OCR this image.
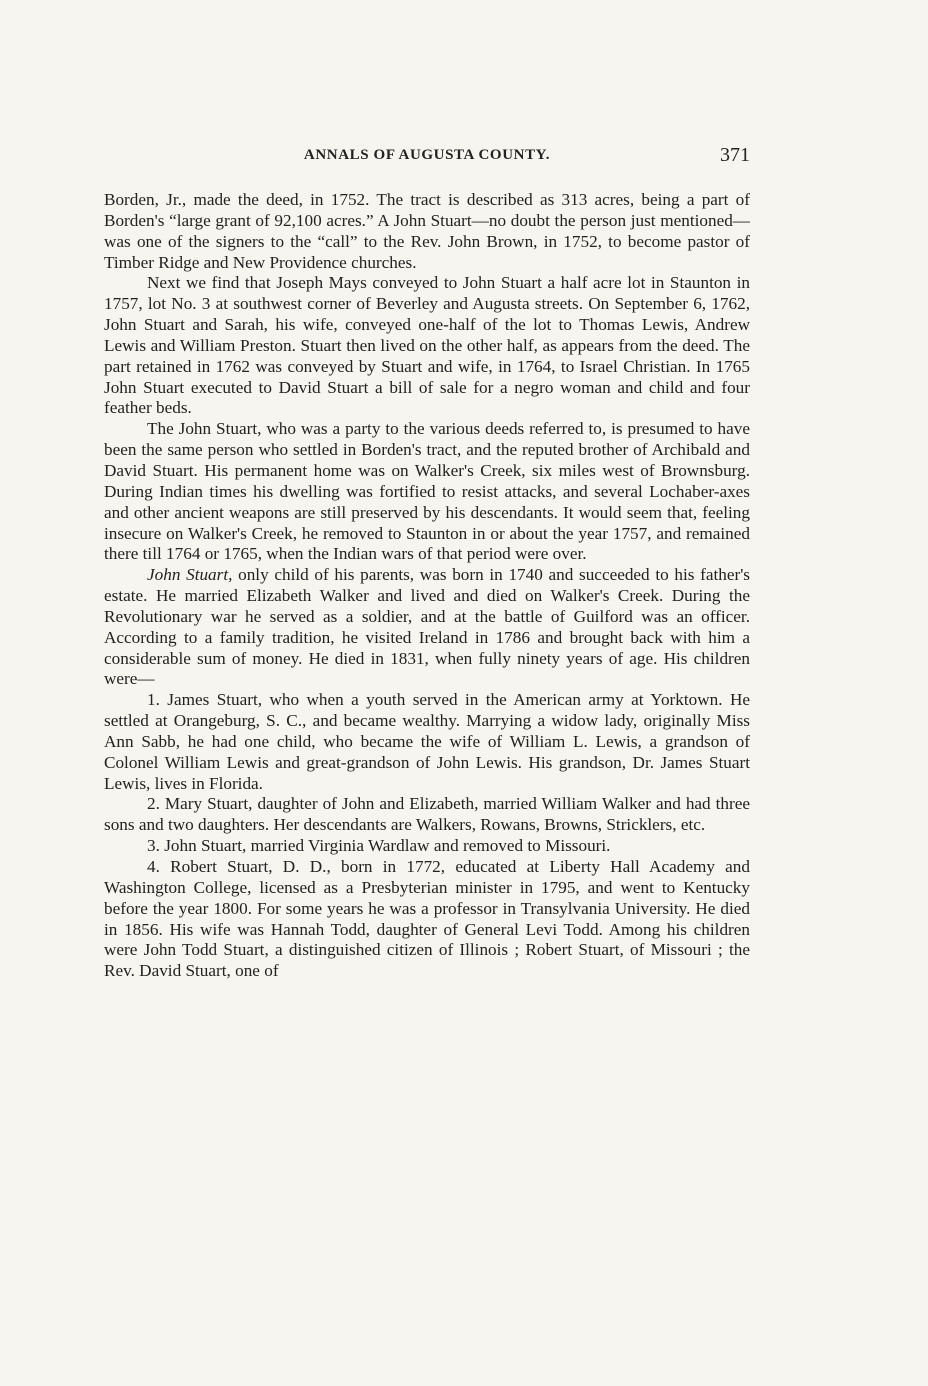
ANNALS OF AUGUSTA COUNTY.	371

Borden, Jr., made the deed, in 1752. The tract is described as 313 acres, being a part of Borden's “large grant of 92,100 acres.” A John Stuart—no doubt the person just mentioned—was one of the signers to the “call” to the Rev. John Brown, in 1752, to become pastor of Timber Ridge and New Providence churches.

Next we find that Joseph Mays conveyed to John Stuart a half acre lot in Staunton in 1757, lot No. 3 at southwest corner of Beverley and Augusta streets. On September 6, 1762, John Stuart and Sarah, his wife, conveyed one-half of the lot to Thomas Lewis, Andrew Lewis and William Preston. Stuart then lived on the other half, as appears from the deed. The part retained in 1762 was conveyed by Stuart and wife, in 1764, to Israel Christian. In 1765 John Stuart executed to David Stuart a bill of sale for a negro woman and child and four feather beds.

The John Stuart, who was a party to the various deeds referred to, is presumed to have been the same person who settled in Borden's tract, and the reputed brother of Archibald and David Stuart. His permanent home was on Walker's Creek, six miles west of Brownsburg. During Indian times his dwelling was fortified to resist attacks, and several Lochaber-axes and other ancient weapons are still preserved by his descendants. It would seem that, feeling insecure on Walker's Creek, he removed to Staunton in or about the year 1757, and remained there till 1764 or 1765, when the Indian wars of that period were over.

John Stuart, only child of his parents, was born in 1740 and succeeded to his father's estate. He married Elizabeth Walker and lived and died on Walker's Creek. During the Revolutionary war he served as a soldier, and at the battle of Guilford was an officer. According to a family tradition, he visited Ireland in 1786 and brought back with him a considerable sum of money. He died in 1831, when fully ninety years of age. His children were—

1. James Stuart, who when a youth served in the American army at Yorktown. He settled at Orangeburg, S. C., and became wealthy. Marrying a widow lady, originally Miss Ann Sabb, he had one child, who became the wife of William L. Lewis, a grandson of Colonel William Lewis and great-grandson of John Lewis. His grandson, Dr. James Stuart Lewis, lives in Florida.

2. Mary Stuart, daughter of John and Elizabeth, married William Walker and had three sons and two daughters. Her descendants are Walkers, Rowans, Browns, Stricklers, etc.

3. John Stuart, married Virginia Wardlaw and removed to Missouri.

4. Robert Stuart, D. D., born in 1772, educated at Liberty Hall Academy and Washington College, licensed as a Presbyterian minister in 1795, and went to Kentucky before the year 1800. For some years he was a professor in Transylvania University. He died in 1856. His wife was Hannah Todd, daughter of General Levi Todd. Among his children were John Todd Stuart, a distinguished citizen of Illinois ; Robert Stuart, of Missouri ; the Rev. David Stuart, one of
